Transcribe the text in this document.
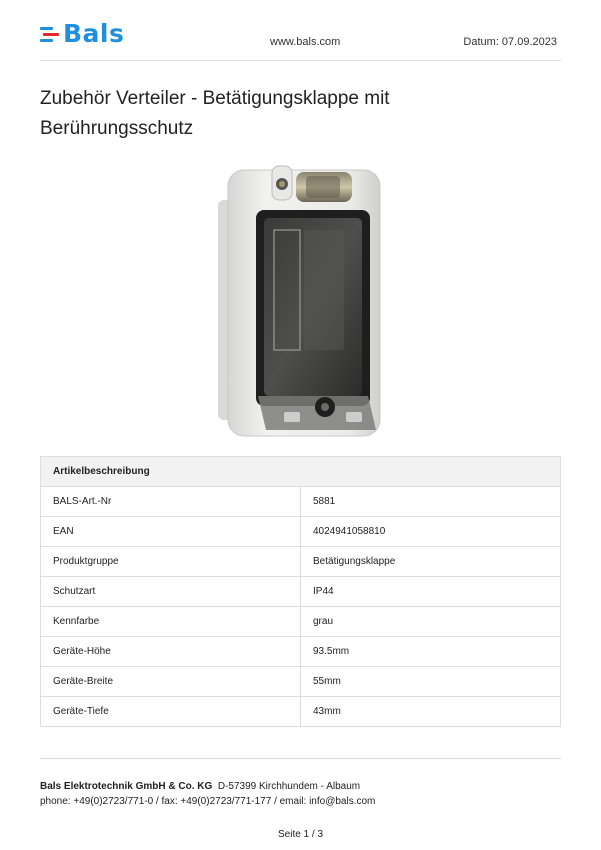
Bals	www.bals.com	Datum: 07.09.2023
Zubehör Verteiler - Betätigungsklappe mit Berührungsschutz
Artikelbeschreibung	
BALS-Art.-Nr	5881
EAN	4024941058810
Produktgruppe	Betätigungsklappe
Schutzart	IP44
Kennfarbe	grau
Geräte-Höhe	93.5mm
Geräte-Breite	55mm
Geräte-Tiefe	43mm
Bals Elektrotechnik GmbH & Co. KG D-57399 Kirchhundem - Albaum
phone: +49(0)2723/771-0 / fax: +49(0)2723/771-177 / email: info@bals.com
Seite 1 / 3
